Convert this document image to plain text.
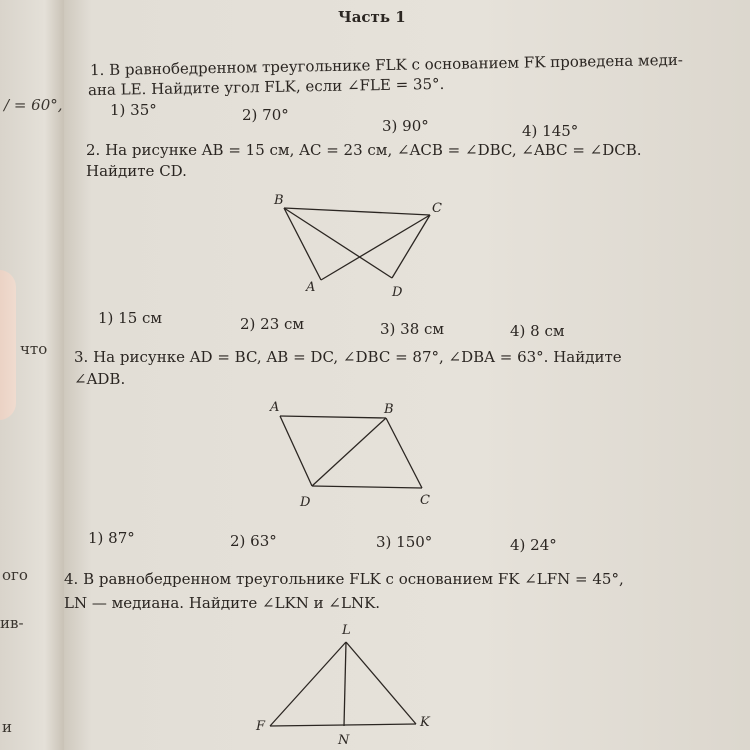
/ = 60°,
что
ого
ив-
и
Часть 1
1. В равнобедренном треугольнике FLK с основанием FK проведена меди-
ана LE. Найдите угол FLK, если ∠FLE = 35°.
1) 35°	2) 70°
3) 90°	4) 145°
2. На рисунке AB = 15 см, AC = 23 см, ∠ACB = ∠DBC, ∠ABC = ∠DCB.
Найдите CD.
B
C
A	D
1) 15 см	2) 23 см	3) 38 см	4) 8 см
3. На рисунке AD = BC, AB = DC, ∠DBC = 87°, ∠DBA = 63°. Найдите
∠ADB.
A	B
D	C
1) 87°	2) 63°	3) 150°	4) 24°
4. В равнобедренном треугольнике FLK с основанием FK ∠LFN = 45°,
LN — медиана. Найдите ∠LKN и ∠LNK.
L
F	K
N
